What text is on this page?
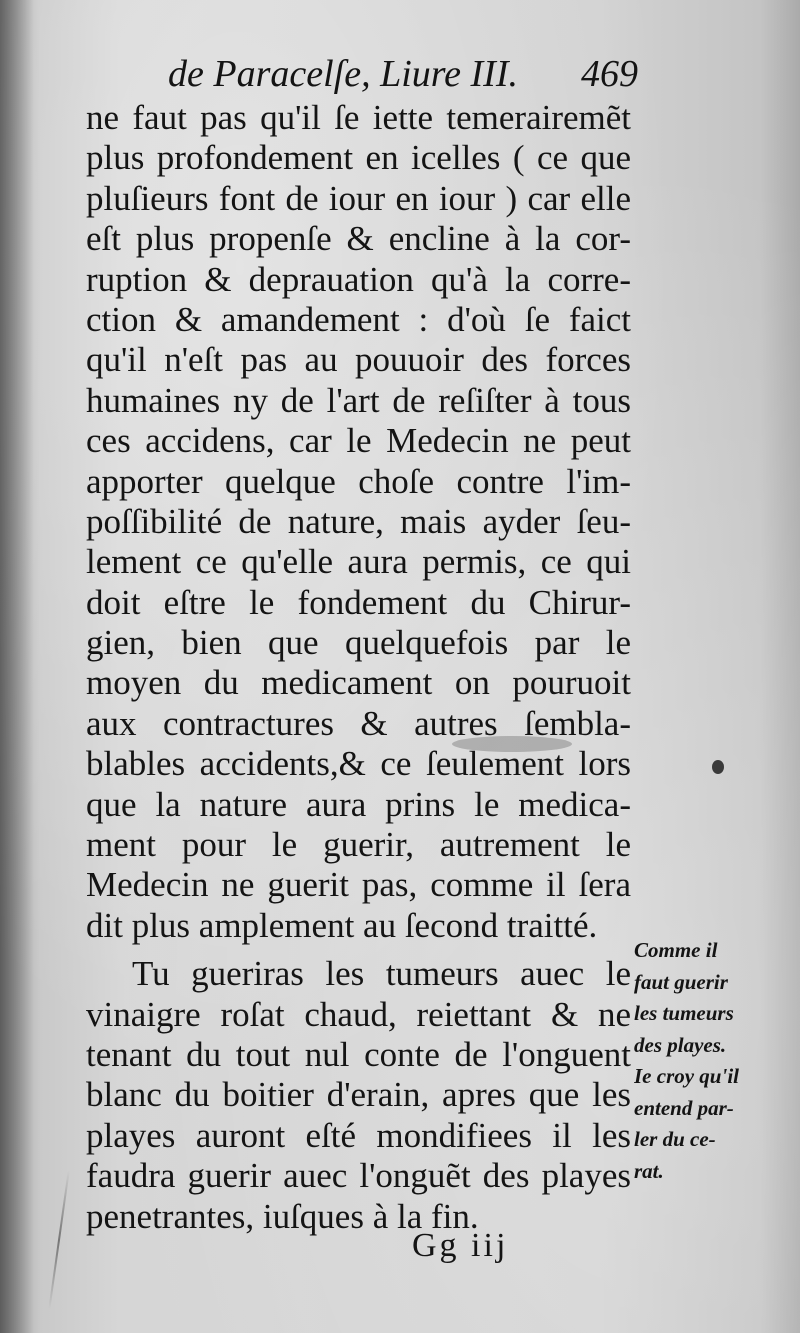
de Paracelſe, Liure III. 469
ne faut pas qu'il ſe iette temerairemẽt
plus profondement en icelles ( ce que
pluſieurs font de iour en iour ) car elle
eſt plus propenſe & encline à la cor-
ruption & deprauation qu'à la corre-
ction & amandement : d'où ſe faict
qu'il n'eſt pas au pouuoir des forces
humaines ny de l'art de reſiſter à tous
ces accidens, car le Medecin ne peut
apporter quelque choſe contre l'im-
poſſibilité de nature, mais ayder ſeu-
lement ce qu'elle aura permis, ce qui
doit eſtre le fondement du Chirur-
gien, bien que quelquefois par le
moyen du medicament on pouruoit
aux contractures & autres ſembla-
blables accidents,& ce ſeulement lors
que la nature aura prins le medica-
ment pour le guerir, autrement le
Medecin ne guerit pas, comme il ſera
dit plus amplement au ſecond traitté.
Tu gueriras les tumeurs auec le
vinaigre roſat chaud, reiettant & ne
tenant du tout nul conte de l'onguent
blanc du boitier d'erain, apres que les
playes auront eſté mondifiees il les
faudra guerir auec l'onguẽt des playes
penetrantes, iuſques à la fin.
Comme il
faut guerir
les tumeurs
des playes.
Ie croy qu'il
entend par-
ler du ce-
rat.
Gg iij
